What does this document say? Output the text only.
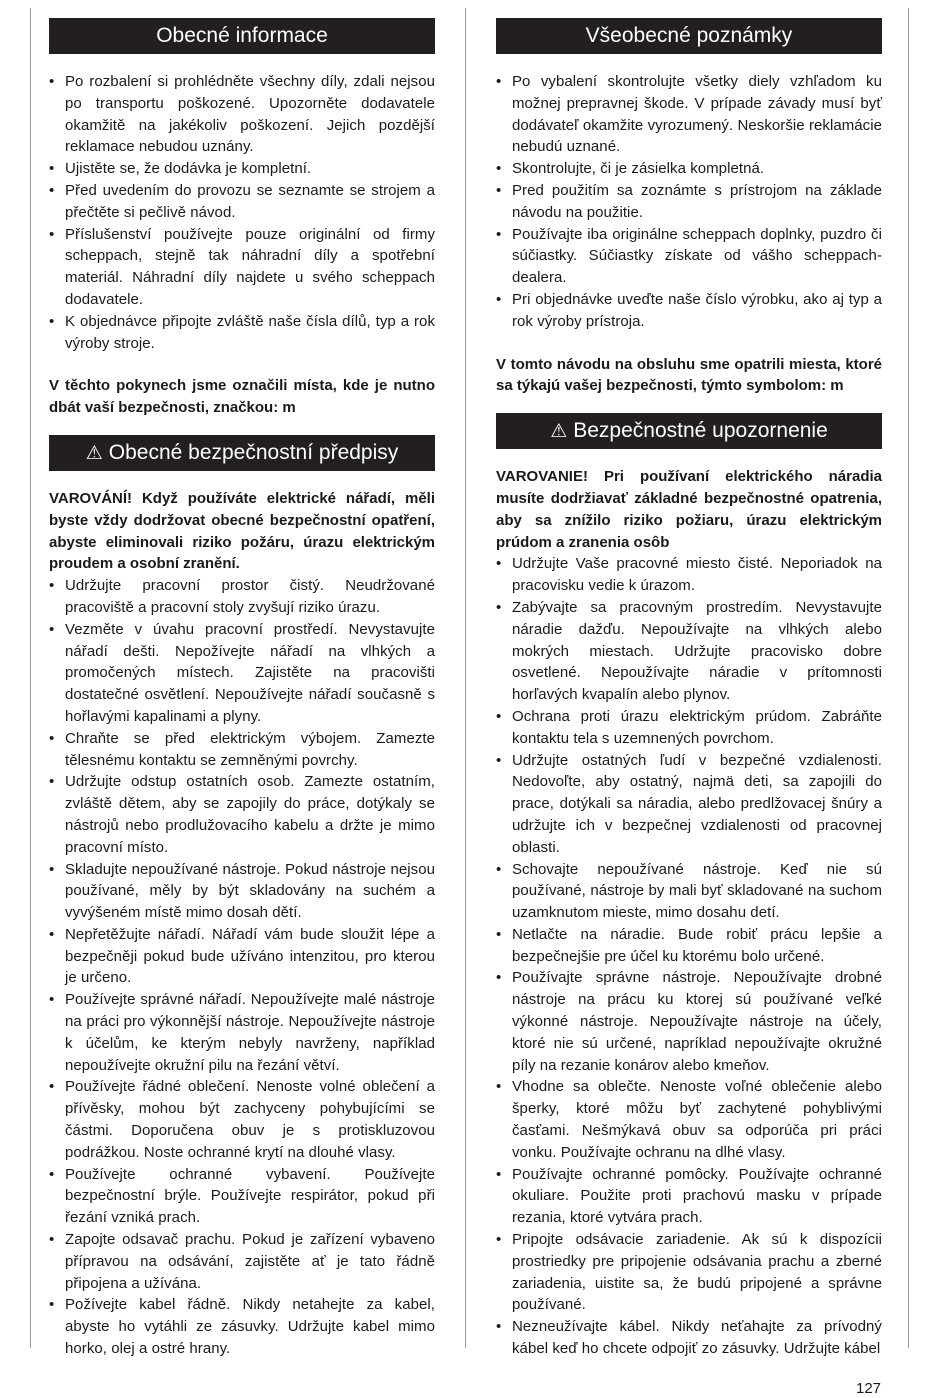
Obecné informace
• Po rozbalení si prohlédněte všechny díly, zdali nejsou po transportu poškozené. Upozorněte dodavatele okamžitě na jakékoliv poškození. Jejich pozdější reklamace nebudou uznány.
• Ujistěte se, že dodávka je kompletní.
• Před uvedením do provozu se seznamte se strojem a přečtěte si pečlivě návod.
• Příslušenství používejte pouze originální od firmy scheppach, stejně tak náhradní díly a spotřební materiál. Náhradní díly najdete u svého scheppach dodavatele.
• K objednávce připojte zvláště naše čísla dílů, typ a rok výroby stroje.

V těchto pokynech jsme označili místa, kde je nutno dbát vaší bezpečnosti, značkou: m

⚠ Obecné bezpečnostní předpisy

VAROVÁNÍ! Když používáte elektrické nářadí, měli byste vždy dodržovat obecné bezpečnostní opatření, abyste eliminovali riziko požáru, úrazu elektrickým proudem a osobní zranění.

• Udržujte pracovní prostor čistý. Neudržované pracoviště a pracovní stoly zvyšují riziko úrazu.
• Vezměte v úvahu pracovní prostředí. Nevystavujte nářadí dešti. Nepožívejte nářadí na vlhkých a promočených místech. Zajistěte na pracovišti dostatečné osvětlení. Nepoužívejte nářadí současně s hořlavými kapalinami a plyny.
• Chraňte se před elektrickým výbojem. Zamezte tělesnému kontaktu se zemněnými povrchy.
• Udržujte odstup ostatních osob. Zamezte ostatním, zvláště dětem, aby se zapojily do práce, dotýkaly se nástrojů nebo prodlužovacího kabelu a držte je mimo pracovní místo.
• Skladujte nepoužívané nástroje. Pokud nástroje nejsou používané, měly by být skladovány na suchém a vyvýšeném místě mimo dosah dětí.
• Nepřetěžujte nářadí. Nářadí vám bude sloužit lépe a bezpečněji pokud bude užíváno intenzitou, pro kterou je určeno.
• Používejte správné nářadí. Nepoužívejte malé nástroje na práci pro výkonnější nástroje. Nepoužívejte nástroje k účelům, ke kterým nebyly navrženy, například nepoužívejte okružní pilu na řezání větví.
• Používejte řádné oblečení. Nenoste volné oblečení a přívěsky, mohou být zachyceny pohybujícími se částmi. Doporučena obuv je s protiskluzovou podrážkou. Noste ochranné krytí na dlouhé vlasy.
• Používejte ochranné vybavení. Používejte bezpečnostní brýle. Používejte respirátor, pokud při řezání vzniká prach.
• Zapojte odsavač prachu. Pokud je zařízení vybaveno přípravou na odsávání, zajistěte ať je tato řádně připojena a užívána.
• Požívejte kabel řádně. Nikdy netahejte za kabel, abyste ho vytáhli ze zásuvky. Udržujte kabel mimo horko, olej a ostré hrany.
Všeobecné poznámky
• Po vybalení skontrolujte všetky diely vzhľadom ku možnej prepravnej škode. V prípade závady musí byť dodávateľ okamžite vyrozumený. Neskoršie reklamácie nebudú uznané.
• Skontrolujte, či je zásielka kompletná.
• Pred použitím sa zoznámte s prístrojom na základe návodu na použitie.
• Používajte iba originálne scheppach doplnky, puzdro či súčiastky. Súčiastky získate od vášho scheppach-dealera.
• Pri objednávke uveďte naše číslo výrobku, ako aj typ a rok výroby prístroja.

V tomto návodu na obsluhu sme opatrili miesta, ktoré sa týkajú vašej bezpečnosti, týmto symbolom: m

⚠ Bezpečnostné upozornenie

VAROVANIE! Pri používaní elektrického náradia musíte dodržiavať základné bezpečnostné opatrenia, aby sa znížilo riziko požiaru, úrazu elektrickým prúdom a zranenia osôb

• Udržujte Vaše pracovné miesto čisté. Neporiadok na pracovisku vedie k úrazom.
• Zabývajte sa pracovným prostredím. Nevystavujte náradie dažďu. Nepoužívajte na vlhkých alebo mokrých miestach. Udržujte pracovisko dobre osvetlené. Nepoužívajte náradie v prítomnosti horľavých kvapalín alebo plynov.
• Ochrana proti úrazu elektrickým prúdom. Zabráňte kontaktu tela s uzemnených povrchom.
• Udržujte ostatných ľudí v bezpečné vzdialenosti. Nedovoľte, aby ostatný, najmä deti, sa zapojili do prace, dotýkali sa náradia, alebo predlžovacej šnúry a udržujte ich v bezpečnej vzdialenosti od pracovnej oblasti.
• Schovajte nepoužívané nástroje. Keď nie sú používané, nástroje by mali byť skladované na suchom uzamknutom mieste, mimo dosahu detí.
• Netlačte na náradie. Bude robiť prácu lepšie a bezpečnejšie pre účel ku ktorému bolo určené.
• Používajte správne nástroje. Nepoužívajte drobné nástroje na prácu ku ktorej sú používané veľké výkonné nástroje. Nepoužívajte nástroje na účely, ktoré nie sú určené, napríklad nepoužívajte okružné píly na rezanie konárov alebo kmeňov.
• Vhodne sa oblečte. Nenoste voľné oblečenie alebo šperky, ktoré môžu byť zachytené pohyblivými časťami. Nešmýkavá obuv sa odporúča pri práci vonku. Používajte ochranu na dlhé vlasy.
• Používajte ochranné pomôcky. Používajte ochranné okuliare. Použite proti prachovú masku v prípade rezania, ktoré vytvára prach.
• Pripojte odsávacie zariadenie. Ak sú k dispozícii prostriedky pre pripojenie odsávania prachu a zberné zariadenia, uistite sa, že budú pripojené a správne používané.
• Nezneužívajte kábel. Nikdy neťahajte za prívodný kábel keď ho chcete odpojiť zo zásuvky. Udržujte kábel
127
